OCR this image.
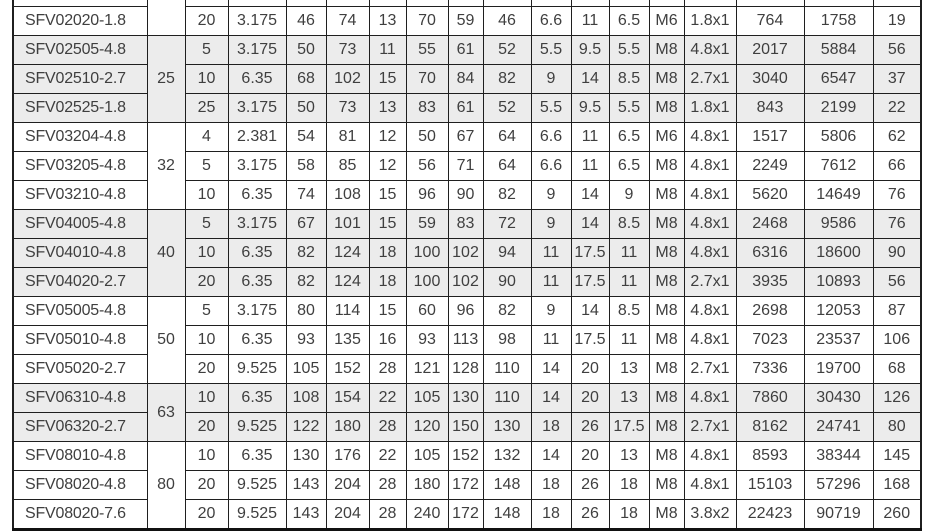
SFV02020-1.8		20	3.175	46	74	13	70	59	46	6.6	11	6.5	M6	1.8x1	764	1758	19
SFV02505-4.8	25	5	3.175	50	73	11	55	61	52	5.5	9.5	5.5	M8	4.8x1	2017	5884	56
SFV02510-2.7		10	6.35	68	102	15	70	84	82	9	14	8.5	M8	2.7x1	3040	6547	37
SFV02525-1.8		25	3.175	50	73	13	83	61	52	5.5	9.5	5.5	M8	1.8x1	843	2199	22
SFV03204-4.8	32	4	2.381	54	81	12	50	67	64	6.6	11	6.5	M6	4.8x1	1517	5806	62
SFV03205-4.8		5	3.175	58	85	12	56	71	64	6.6	11	6.5	M8	4.8x1	2249	7612	66
SFV03210-4.8		10	6.35	74	108	15	96	90	82	9	14	9	M8	4.8x1	5620	14649	76
SFV04005-4.8	40	5	3.175	67	101	15	59	83	72	9	14	8.5	M8	4.8x1	2468	9586	76
SFV04010-4.8		10	6.35	82	124	18	100	102	94	11	17.5	11	M8	4.8x1	6316	18600	90
SFV04020-2.7		20	6.35	82	124	18	100	102	90	11	17.5	11	M8	2.7x1	3935	10893	56
SFV05005-4.8	50	5	3.175	80	114	15	60	96	82	9	14	8.5	M8	4.8x1	2698	12053	87
SFV05010-4.8		10	6.35	93	135	16	93	113	98	11	17.5	11	M8	4.8x1	7023	23537	106
SFV05020-2.7		20	9.525	105	152	28	121	128	110	14	20	13	M8	2.7x1	7336	19700	68
SFV06310-4.8	63	10	6.35	108	154	22	105	130	110	14	20	13	M8	4.8x1	7860	30430	126
SFV06320-2.7		20	9.525	122	180	28	120	150	130	18	26	17.5	M8	2.7x1	8162	24741	80
SFV08010-4.8	80	10	6.35	130	176	22	105	152	132	14	20	13	M8	4.8x1	8593	38344	145
SFV08020-4.8		20	9.525	143	204	28	180	172	148	18	26	18	M8	4.8x1	15103	57296	168
SFV08020-7.6		20	9.525	143	204	28	240	172	148	18	26	18	M8	3.8x2	22423	90719	260
